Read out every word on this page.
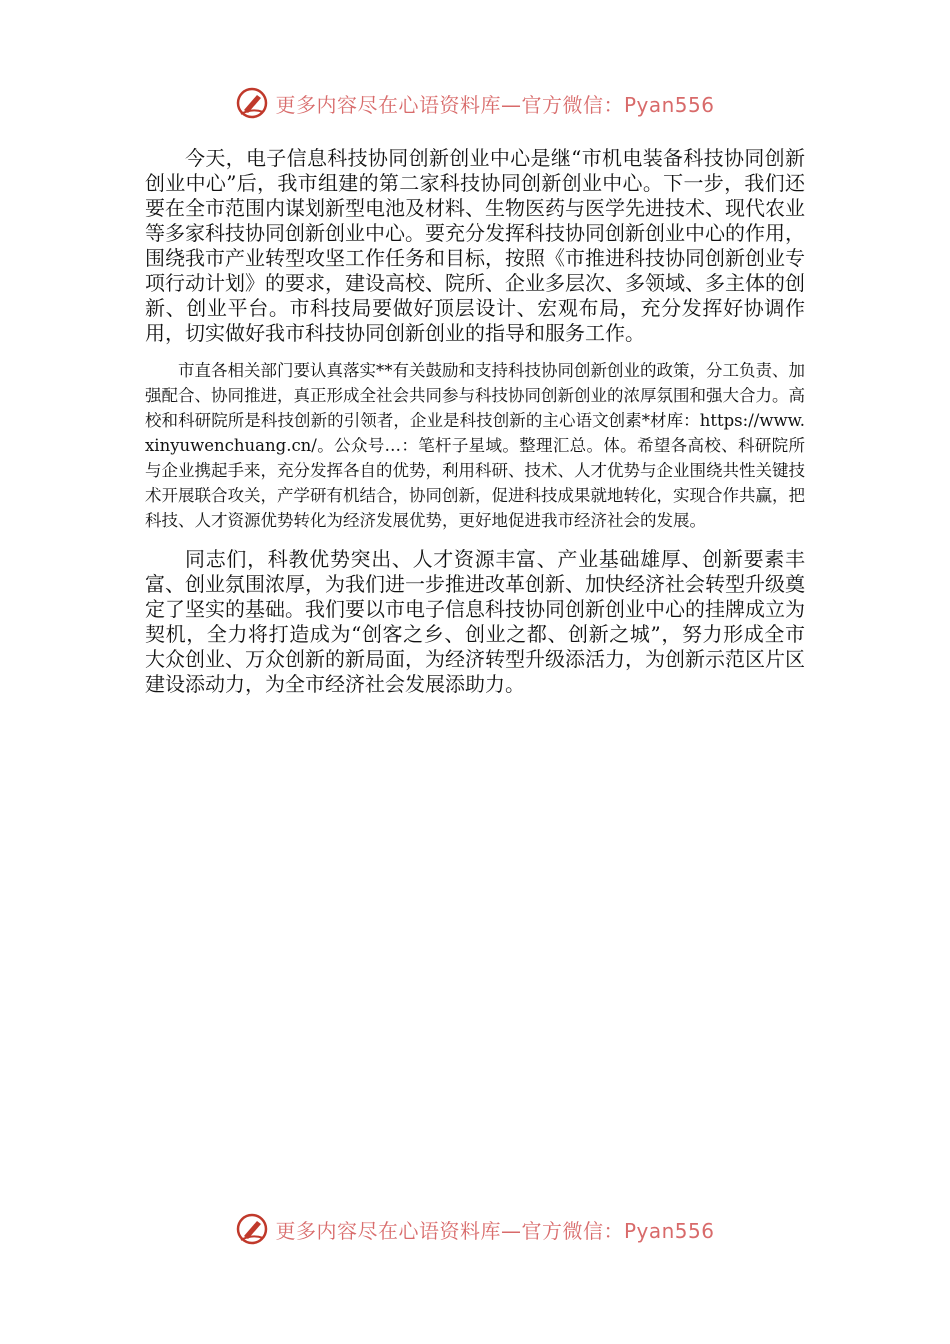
更多内容尽在心语资料库—官方微信：Pyan556

今天，电子信息科技协同创新创业中心是继“市机电装备科技协同创新创业中心”后，我市组建的第二家科技协同创新创业中心。下一步，我们还要在全市范围内谋划新型电池及材料、生物医药与医学先进技术、现代农业等多家科技协同创新创业中心。要充分发挥科技协同创新创业中心的作用，围绕我市产业转型攻坚工作任务和目标，按照《市推进科技协同创新创业专项行动计划》的要求，建设高校、院所、企业多层次、多领域、多主体的创新、创业平台。市科技局要做好顶层设计、宏观布局，充分发挥好协调作用，切实做好我市科技协同创新创业的指导和服务工作。

市直各相关部门要认真落实**有关鼓励和支持科技协同创新创业的政策，分工负责、加强配合、协同推进，真正形成全社会共同参与科技协同创新创业的浓厚氛围和强大合力。高校和科研院所是科技创新的引领者，企业是科技创新的主心语文创素*材库：https://www.xinyuwenchuang.cn/。公众号…：笔杆子星域。整理汇总。体。希望各高校、科研院所与企业携起手来，充分发挥各自的优势，利用科研、技术、人才优势与企业围绕共性关键技术开展联合攻关，产学研有机结合，协同创新，促进科技成果就地转化，实现合作共赢，把科技、人才资源优势转化为经济发展优势，更好地促进我市经济社会的发展。

同志们，科教优势突出、人才资源丰富、产业基础雄厚、创新要素丰富、创业氛围浓厚，为我们进一步推进改革创新、加快经济社会转型升级奠定了坚实的基础。我们要以市电子信息科技协同创新创业中心的挂牌成立为契机，全力将打造成为“创客之乡、创业之都、创新之城”，努力形成全市大众创业、万众创新的新局面，为经济转型升级添活力，为创新示范区片区建设添动力，为全市经济社会发展添助力。

更多内容尽在心语资料库—官方微信：Pyan556
